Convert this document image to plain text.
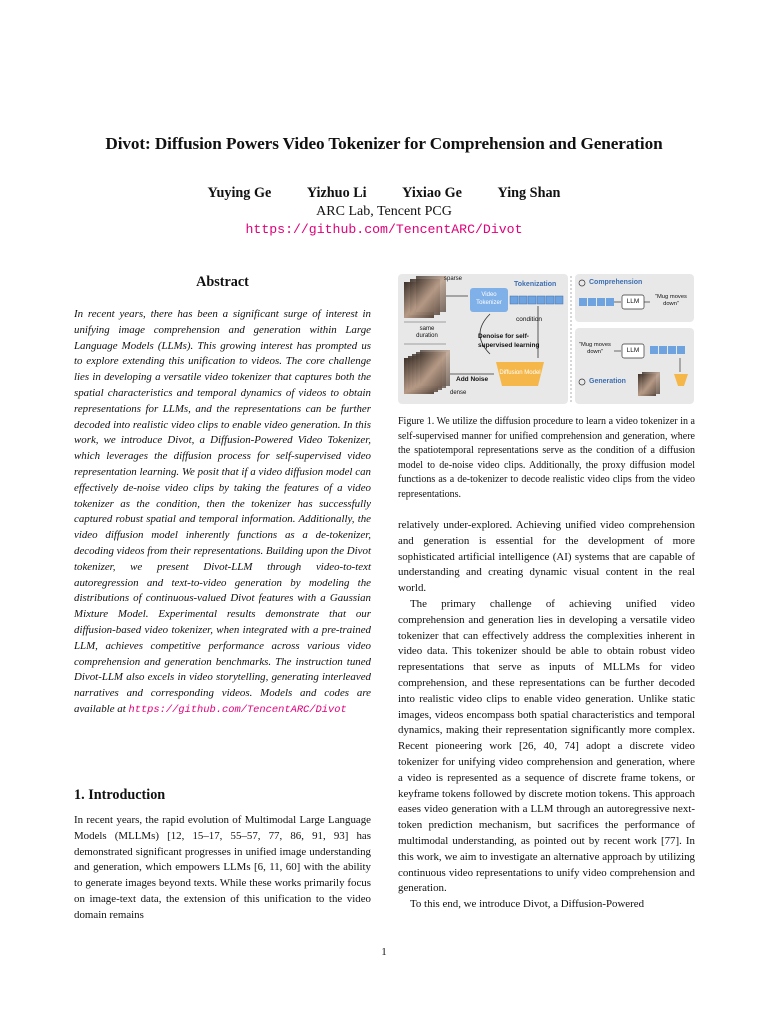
Divot: Diffusion Powers Video Tokenizer for Comprehension and Generation
Yuying Ge	Yizhuo Li	Yixiao Ge	Ying Shan
ARC Lab, Tencent PCG
https://github.com/TencentARC/Divot
Abstract
In recent years, there has been a significant surge of interest in unifying image comprehension and generation within Large Language Models (LLMs). This growing interest has prompted us to explore extending this unification to videos. The core challenge lies in developing a versatile video tokenizer that captures both the spatial characteristics and temporal dynamics of videos to obtain representations for LLMs, and the representations can be further decoded into realistic video clips to enable video generation. In this work, we introduce Divot, a Diffusion-Powered Video Tokenizer, which leverages the diffusion process for self-supervised video representation learning. We posit that if a video diffusion model can effectively de-noise video clips by taking the features of a video tokenizer as the condition, then the tokenizer has successfully captured robust spatial and temporal information. Additionally, the video diffusion model inherently functions as a de-tokenizer, decoding videos from their representations. Building upon the Divot tokenizer, we present Divot-LLM through video-to-text autoregression and text-to-video generation by modeling the distributions of continuous-valued Divot features with a Gaussian Mixture Model. Experimental results demonstrate that our diffusion-based video tokenizer, when integrated with a pre-trained LLM, achieves competitive performance across various video comprehension and generation benchmarks. The instruction tuned Divot-LLM also excels in video storytelling, generating interleaved narratives and corresponding videos. Models and codes are available at https://github.com/TencentARC/Divot
1. Introduction
In recent years, the rapid evolution of Multimodal Large Language Models (MLLMs) [12, 15–17, 55–57, 77, 86, 91, 93] has demonstrated significant progresses in unified image understanding and generation, which empowers LLMs [6, 11, 60] with the ability to generate images beyond texts. While these works primarily focus on image-text data, the extension of this unification to the video domain remains
sparse
dense
same duration
Tokenization
Video Tokenizer
condition
Denoise for self-supervised learning
Add Noise
Diffusion Model
Comprehension
LLM
“Mug moves down”
“Mug moves down”	LLM
Generation
Figure 1. We utilize the diffusion procedure to learn a video tokenizer in a self-supervised manner for unified comprehension and generation, where the spatiotemporal representations serve as the condition of a diffusion model to de-noise video clips. Additionally, the proxy diffusion model functions as a de-tokenizer to decode realistic video clips from the video representations.

relatively under-explored. Achieving unified video comprehension and generation is essential for the development of more sophisticated artificial intelligence (AI) systems that are capable of understanding and creating dynamic visual content in the real world.

The primary challenge of achieving unified video comprehension and generation lies in developing a versatile video tokenizer that can effectively address the complexities inherent in video data. This tokenizer should be able to obtain robust video representations that serve as inputs of MLLMs for video comprehension, and these representations can be further decoded into realistic video clips to enable video generation. Unlike static images, videos encompass both spatial characteristics and temporal dynamics, making their representation significantly more complex. Recent pioneering work [26, 40, 74] adopt a discrete video tokenizer for unifying video comprehension and generation, where a video is represented as a sequence of discrete frame tokens, or keyframe tokens followed by discrete motion tokens. This approach eases video generation with a LLM through an autoregressive next-token prediction mechanism, but sacrifices the performance of multimodal understanding, as pointed out by recent work [77]. In this work, we aim to investigate an alternative approach by utilizing continuous video representations to unify video comprehension and generation.

To this end, we introduce Divot, a Diffusion-Powered

1
